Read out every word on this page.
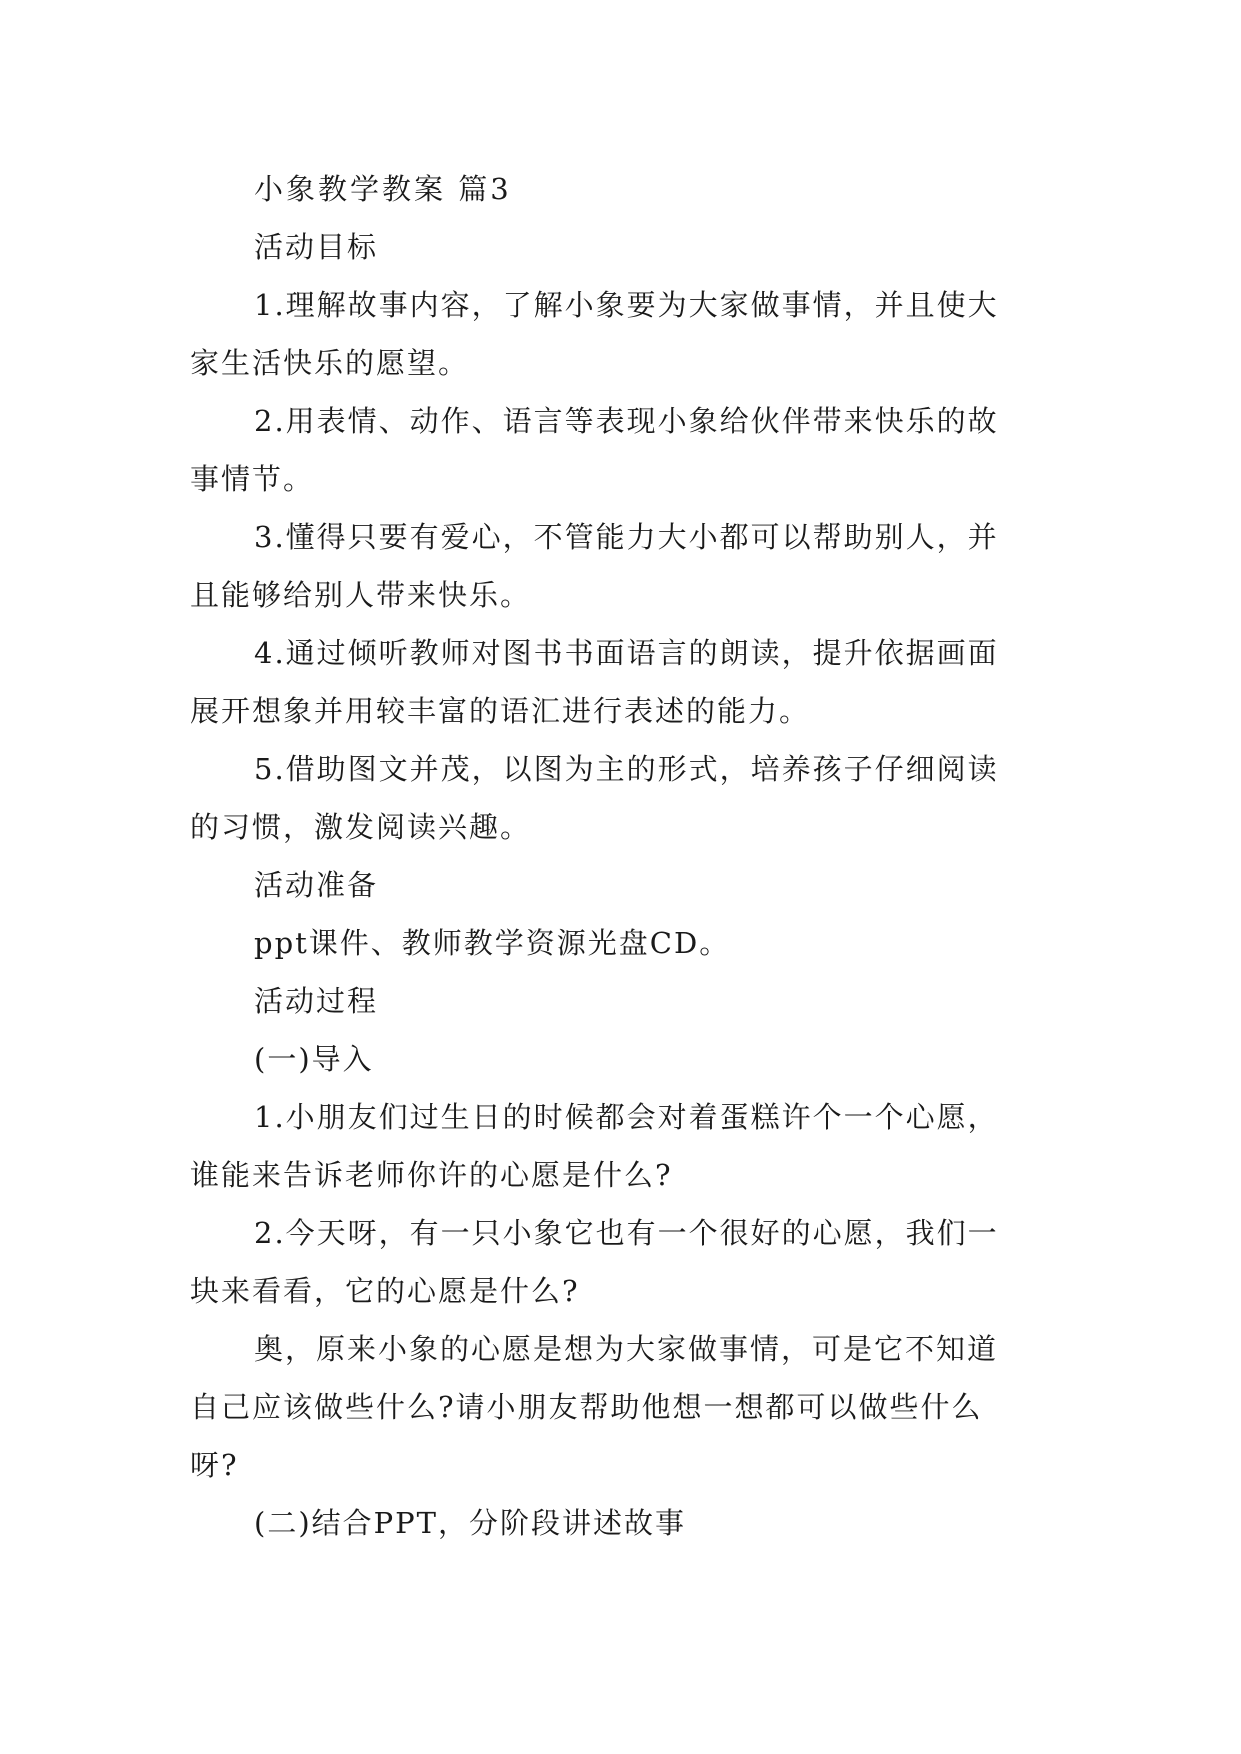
小象教学教案 篇3
活动目标
1.理解故事内容，了解小象要为大家做事情，并且使大
家生活快乐的愿望。
2.用表情、动作、语言等表现小象给伙伴带来快乐的故
事情节。
3.懂得只要有爱心，不管能力大小都可以帮助别人，并
且能够给别人带来快乐。
4.通过倾听教师对图书书面语言的朗读，提升依据画面
展开想象并用较丰富的语汇进行表述的能力。
5.借助图文并茂，以图为主的形式，培养孩子仔细阅读
的习惯，激发阅读兴趣。
活动准备
ppt课件、教师教学资源光盘CD。
活动过程
(一)导入
1.小朋友们过生日的时候都会对着蛋糕许个一个心愿，
谁能来告诉老师你许的心愿是什么?
2.今天呀，有一只小象它也有一个很好的心愿，我们一
块来看看，它的心愿是什么?
奥，原来小象的心愿是想为大家做事情，可是它不知道
自己应该做些什么?请小朋友帮助他想一想都可以做些什么
呀?
(二)结合PPT，分阶段讲述故事
